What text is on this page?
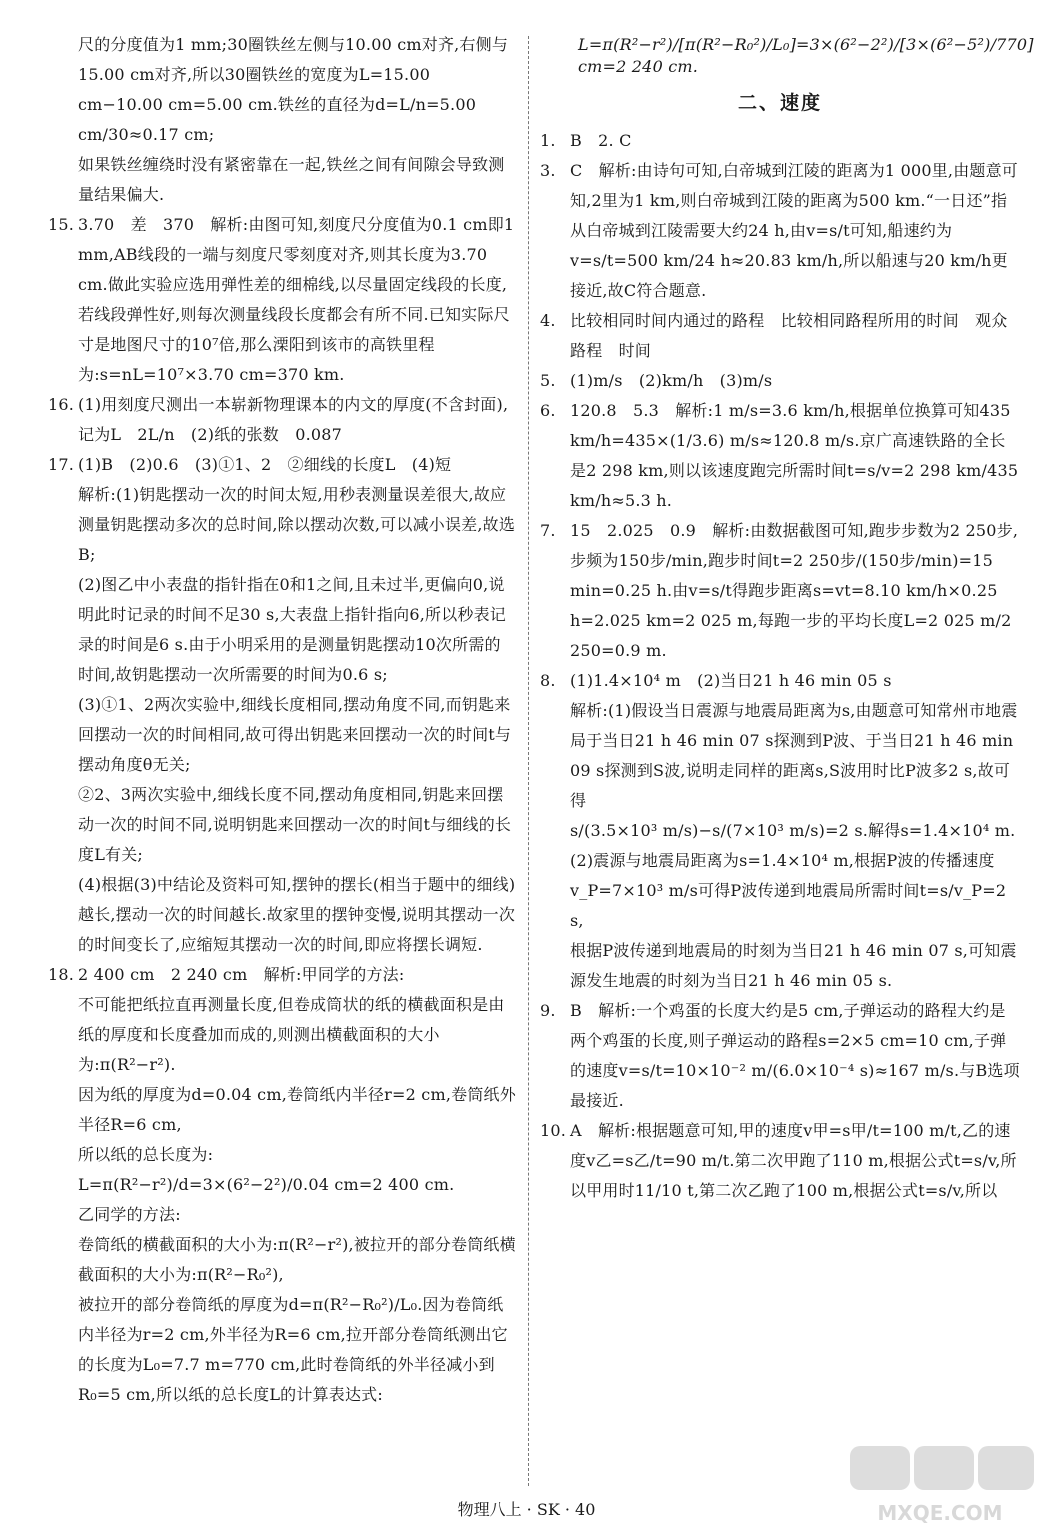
尺的分度值为1 mm;30圈铁丝左侧与10.00 cm对齐,右侧与15.00 cm对齐,所以30圈铁丝的宽度为L=15.00 cm−10.00 cm=5.00 cm.铁丝的直径为d=L/n=5.00 cm/30≈0.17 cm;

如果铁丝缠绕时没有紧密靠在一起,铁丝之间有间隙会导致测量结果偏大.

15. 3.70　差　370　解析:由图可知,刻度尺分度值为0.1 cm即1 mm,AB线段的一端与刻度尺零刻度对齐,则其长度为3.70 cm.做此实验应选用弹性差的细棉线,以尽量固定线段的长度,若线段弹性好,则每次测量线段长度都会有所不同.已知实际尺寸是地图尺寸的10⁷倍,那么溧阳到该市的高铁里程为:s=nL=10⁷×3.70 cm=370 km.

16. (1)用刻度尺测出一本崭新物理课本的内文的厚度(不含封面),记为L　2L/n　(2)纸的张数　0.087

17. (1)B　(2)0.6　(3)①1、2　②细线的长度L　(4)短

解析:(1)钥匙摆动一次的时间太短,用秒表测量误差很大,故应测量钥匙摆动多次的总时间,除以摆动次数,可以减小误差,故选B;

(2)图乙中小表盘的指针指在0和1之间,且未过半,更偏向0,说明此时记录的时间不足30 s,大表盘上指针指向6,所以秒表记录的时间是6 s.由于小明采用的是测量钥匙摆动10次所需的时间,故钥匙摆动一次所需要的时间为0.6 s;

(3)①1、2两次实验中,细线长度相同,摆动角度不同,而钥匙来回摆动一次的时间相同,故可得出钥匙来回摆动一次的时间t与摆动角度θ无关;

②2、3两次实验中,细线长度不同,摆动角度相同,钥匙来回摆动一次的时间不同,说明钥匙来回摆动一次的时间t与细线的长度L有关;

(4)根据(3)中结论及资料可知,摆钟的摆长(相当于题中的细线)越长,摆动一次的时间越长.故家里的摆钟变慢,说明其摆动一次的时间变长了,应缩短其摆动一次的时间,即应将摆长调短.

18. 2 400 cm　2 240 cm　解析:甲同学的方法:

不可能把纸拉直再测量长度,但卷成筒状的纸的横截面积是由纸的厚度和长度叠加而成的,则测出横截面积的大小为:π(R²−r²).

因为纸的厚度为d=0.04 cm,卷筒纸内半径r=2 cm,卷筒纸外半径R=6 cm,

所以纸的总长度为:

L=π(R²−r²)/d=3×(6²−2²)/0.04 cm=2 400 cm.

乙同学的方法:

卷筒纸的横截面积的大小为:π(R²−r²),被拉开的部分卷筒纸横截面积的大小为:π(R²−R₀²),

被拉开的部分卷筒纸的厚度为d=π(R²−R₀²)/L₀.因为卷筒纸内半径为r=2 cm,外半径为R=6 cm,拉开部分卷筒纸测出它的长度为L₀=7.7 m=770 cm,此时卷筒纸的外半径减小到R₀=5 cm,所以纸的总长度L的计算表达式:

L=π(R²−r²)/[π(R²−R₀²)/L₀]=3×(6²−2²)/[3×(6²−5²)/770] cm=2 240 cm.

二、速度

1. B　2. C

3. C　解析:由诗句可知,白帝城到江陵的距离为1 000里,由题意可知,2里为1 km,则白帝城到江陵的距离为500 km.“一日还”指从白帝城到江陵需要大约24 h,由v=s/t可知,船速约为v=s/t=500 km/24 h≈20.83 km/h,所以船速与20 km/h更接近,故C符合题意.

4. 比较相同时间内通过的路程　比较相同路程所用的时间　观众　路程　时间

5. (1)m/s　(2)km/h　(3)m/s

6. 120.8　5.3　解析:1 m/s=3.6 km/h,根据单位换算可知435 km/h=435×(1/3.6) m/s≈120.8 m/s.京广高速铁路的全长是2 298 km,则以该速度跑完所需时间t=s/v=2 298 km/435 km/h≈5.3 h.

7. 15　2.025　0.9　解析:由数据截图可知,跑步步数为2 250步,步频为150步/min,跑步时间t=2 250步/(150步/min)=15 min=0.25 h.由v=s/t得跑步距离s=vt=8.10 km/h×0.25 h=2.025 km=2 025 m,每跑一步的平均长度L=2 025 m/2 250=0.9 m.

8. (1)1.4×10⁴ m　(2)当日21 h 46 min 05 s

解析:(1)假设当日震源与地震局距离为s,由题意可知常州市地震局于当日21 h 46 min 07 s探测到P波、于当日21 h 46 min 09 s探测到S波,说明走同样的距离s,S波用时比P波多2 s,故可得

s/(3.5×10³ m/s)−s/(7×10³ m/s)=2 s.解得s=1.4×10⁴ m.

(2)震源与地震局距离为s=1.4×10⁴ m,根据P波的传播速度v_P=7×10³ m/s可得P波传递到地震局所需时间t=s/v_P=2 s,

根据P波传递到地震局的时刻为当日21 h 46 min 07 s,可知震源发生地震的时刻为当日21 h 46 min 05 s.

9. B　解析:一个鸡蛋的长度大约是5 cm,子弹运动的路程大约是两个鸡蛋的长度,则子弹运动的路程s=2×5 cm=10 cm,子弹的速度v=s/t=10×10⁻² m/(6.0×10⁻⁴ s)≈167 m/s.与B选项最接近.

10. A　解析:根据题意可知,甲的速度v甲=s甲/t=100 m/t,乙的速度v乙=s乙/t=90 m/t.第二次甲跑了110 m,根据公式t=s/v,所以甲用时11/10 t,第二次乙跑了100 m,根据公式t=s/v,所以

物理八上 · SK · 40	MXQE.COM
